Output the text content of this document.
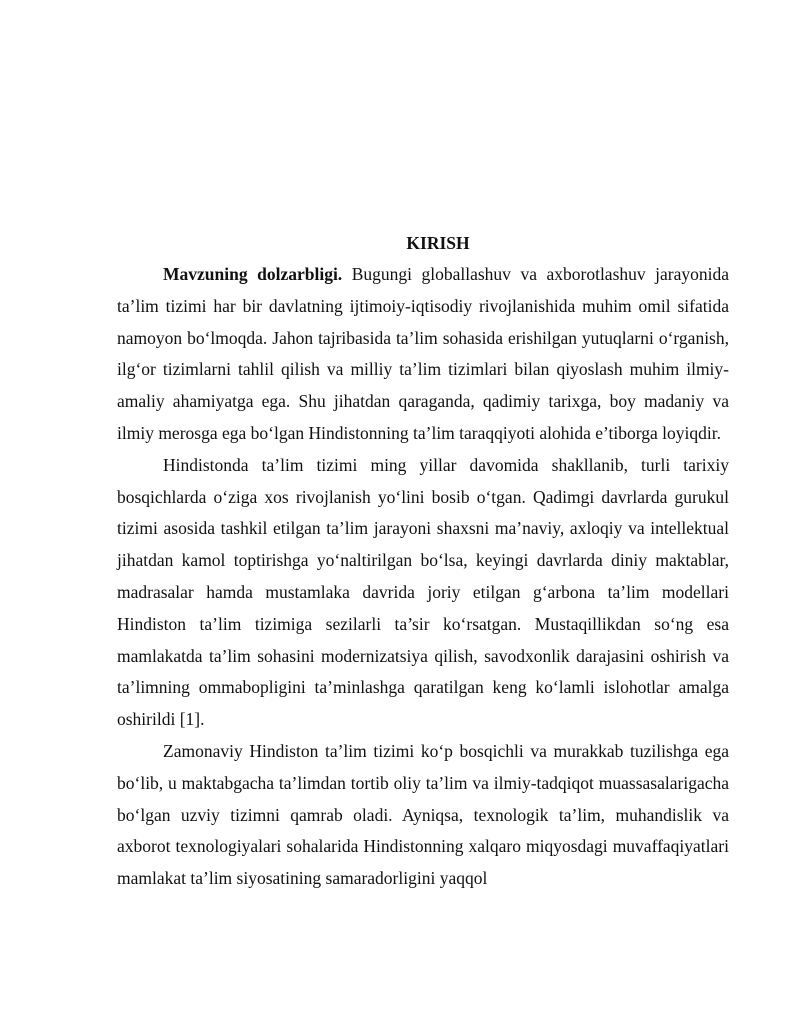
KIRISH

Mavzuning dolzarbligi. Bugungi globallashuv va axborotlashuv jarayonida ta’lim tizimi har bir davlatning ijtimoiy-iqtisodiy rivojlanishida muhim omil sifatida namoyon bo‘lmoqda. Jahon tajribasida ta’lim sohasida erishilgan yutuqlarni o‘rganish, ilg‘or tizimlarni tahlil qilish va milliy ta’lim tizimlari bilan qiyoslash muhim ilmiy-amaliy ahamiyatga ega. Shu jihatdan qaraganda, qadimiy tarixga, boy madaniy va ilmiy merosga ega bo‘lgan Hindistonning ta’lim taraqqiyoti alohida e’tiborga loyiqdir.

Hindistonda ta’lim tizimi ming yillar davomida shakllanib, turli tarixiy bosqichlarda o‘ziga xos rivojlanish yo‘lini bosib o‘tgan. Qadimgi davrlarda gurukul tizimi asosida tashkil etilgan ta’lim jarayoni shaxsni ma’naviy, axloqiy va intellektual jihatdan kamol toptirishga yo‘naltirilgan bo‘lsa, keyingi davrlarda diniy maktablar, madrasalar hamda mustamlaka davrida joriy etilgan g‘arbona ta’lim modellari Hindiston ta’lim tizimiga sezilarli ta’sir ko‘rsatgan. Mustaqillikdan so‘ng esa mamlakatda ta’lim sohasini modernizatsiya qilish, savodxonlik darajasini oshirish va ta’limning ommabopligini ta’minlashga qaratilgan keng ko‘lamli islohotlar amalga oshirildi [1].

Zamonaviy Hindiston ta’lim tizimi ko‘p bosqichli va murakkab tuzilishga ega bo‘lib, u maktabgacha ta’limdan tortib oliy ta’lim va ilmiy-tadqiqot muassasalarigacha bo‘lgan uzviy tizimni qamrab oladi. Ayniqsa, texnologik ta’lim, muhandislik va axborot texnologiyalari sohalarida Hindistonning xalqaro miqyosdagi muvaffaqiyatlari mamlakat ta’lim siyosatining samaradorligini yaqqol
